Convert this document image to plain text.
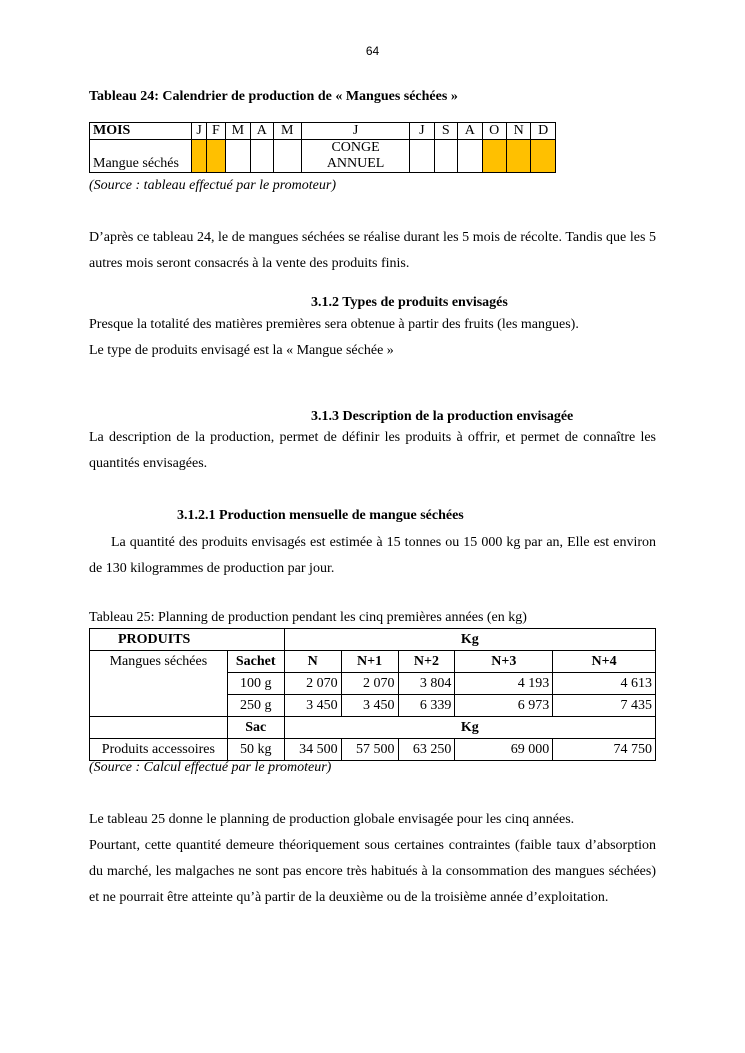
64
Tableau 24: Calendrier de production de « Mangues séchées »
MOIS	J	F	M	A	M	J	J	S	A	O	N	D
Mangue séchés						CONGE
ANNUEL						

(Source : tableau effectué par le promoteur)
D’après ce tableau 24, le de mangues séchées se réalise durant les 5 mois de récolte. Tandis que les 5 autres mois seront consacrés à la vente des produits finis.
3.1.2 Types de produits envisagés
Presque la totalité des matières premières sera obtenue à partir des fruits (les mangues).
Le type de produits envisagé est la « Mangue séchée »
3.1.3 Description de la production envisagée
La description de la production, permet de définir les produits à offrir, et permet de connaître les quantités envisagées.
3.1.2.1 Production mensuelle de mangue séchées
La quantité des produits envisagés est estimée à 15 tonnes ou 15 000 kg par an, Elle est environ de 130 kilogrammes de production par jour.
Tableau 25: Planning de production pendant les cinq premières années (en kg)
PRODUITS		Kg				
Mangues séchées	Sachet	N	N+1	N+2	N+3	N+4
	100 g	2 070	2 070	3 804	4 193	4 613
	250 g	3 450	3 450	6 339	6 973	7 435
	Sac	Kg				
Produits accessoires	50 kg	34 500	57 500	63 250	69 000	74 750
(Source : Calcul effectué par le promoteur)
Le tableau 25 donne le planning de production globale envisagée pour les cinq années.
Pourtant, cette quantité demeure théoriquement sous certaines contraintes (faible taux d’absorption du marché, les malgaches ne sont pas encore très habitués à la consommation des mangues séchées) et ne pourrait être atteinte qu’à partir de la deuxième ou de la troisième année d’exploitation.
